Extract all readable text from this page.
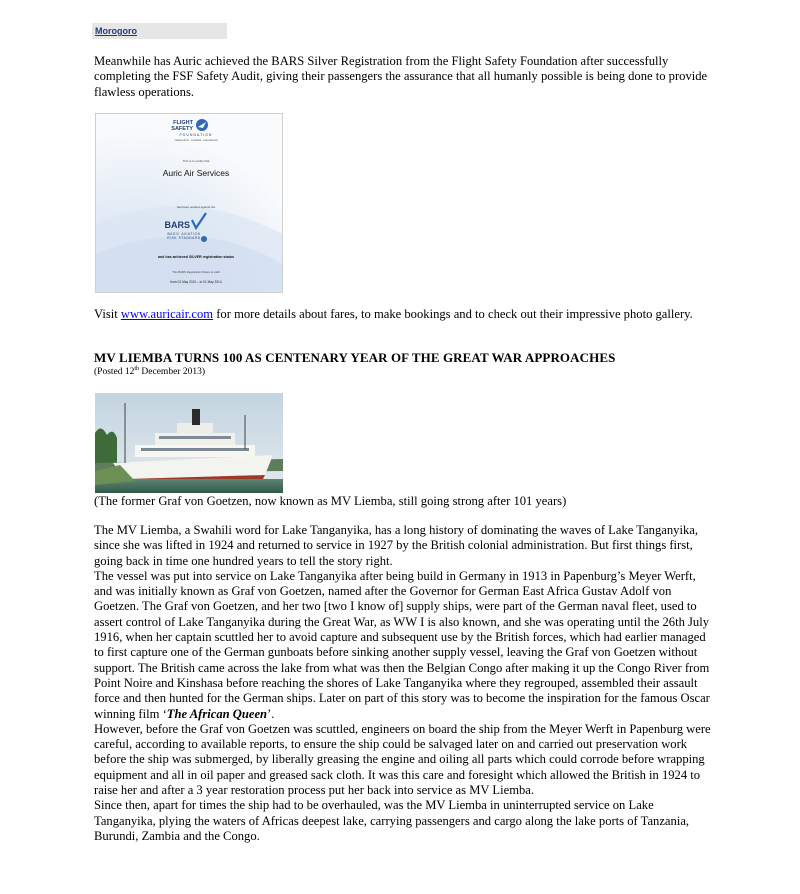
Morogoro
Meanwhile has Auric achieved the BARS Silver Registration from the Flight Safety Foundation after successfully completing the FSF Safety Audit, giving their passengers the assurance that all humanly possible is being done to provide flawless operations.
FLIGHT
SAFETY
FOUNDATION
independent · impartial · international
This is to certify that
Auric Air Services
has been audited against the
BARS
BASIC AVIATION
RISK STANDARD
and has achieved SILVER registration status
This BARS Registration Status is valid
from 01 May 2013 – to 01 May 2014
Visit www.auricair.com for more details about fares, to make bookings and to check out their impressive photo gallery.
MV LIEMBA TURNS 100 AS CENTENARY YEAR OF THE GREAT WAR APPROACHES
(Posted 12th December 2013)
(The former Graf von Goetzen, now known as MV Liemba, still going strong after 101 years)

The MV Liemba, a Swahili word for Lake Tanganyika, has a long history of dominating the waves of Lake Tanganyika, since she was lifted in 1924 and returned to service in 1927 by the British colonial administration. But first things first, going back in time one hundred years to tell the story right.

The vessel was put into service on Lake Tanganyika after being build in Germany in 1913 in Papenburg’s Meyer Werft, and was initially known as Graf von Goetzen, named after the Governor for German East Africa Gustav Adolf von Goetzen. The Graf von Goetzen, and her two [two I know of] supply ships, were part of the German naval fleet, used to assert control of Lake Tanganyika during the Great War, as WW I is also known, and she was operating until the 26th July 1916, when her captain scuttled her to avoid capture and subsequent use by the British forces, which had earlier managed to first capture one of the German gunboats before sinking another supply vessel, leaving the Graf von Goetzen without support. The British came across the lake from what was then the Belgian Congo after making it up the Congo River from Point Noire and Kinshasa before reaching the shores of Lake Tanganyika where they regrouped, assembled their assault force and then hunted for the German ships. Later on part of this story was to become the inspiration for the famous Oscar winning film ‘The African Queen’.

However, before the Graf von Goetzen was scuttled, engineers on board the ship from the Meyer Werft in Papenburg were careful, according to available reports, to ensure the ship could be salvaged later on and carried out preservation work before the ship was submerged, by liberally greasing the engine and oiling all parts which could corrode before wrapping equipment and all in oil paper and greased sack cloth. It was this care and foresight which allowed the British in 1924 to raise her and after a 3 year restoration process put her back into service as MV Liemba.

Since then, apart for times the ship had to be overhauled, was the MV Liemba in uninterrupted service on Lake Tanganyika, plying the waters of Africas deepest lake, carrying passengers and cargo along the lake ports of Tanzania, Burundi, Zambia and the Congo.
